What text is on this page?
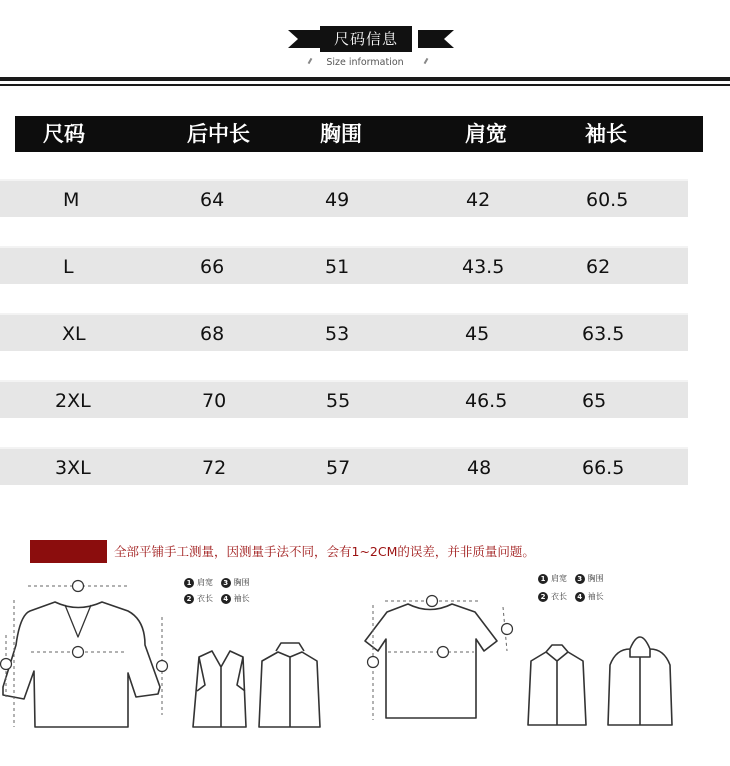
尺码信息
Size information
尺码	后中长	胸围	肩宽	袖长
M	64	49	42	60.5
L	66	51	43.5	62
XL	68	53	45	63.5
2XL	70	55	46.5	65
3XL	72	57	48	66.5
全部平铺手工测量，因测量手法不同，会有1~2CM的误差，并非质量问题。
1 肩宽 3 胸围
2 衣长 4 袖长
1 肩宽 3 胸围
2 衣长 4 袖长
